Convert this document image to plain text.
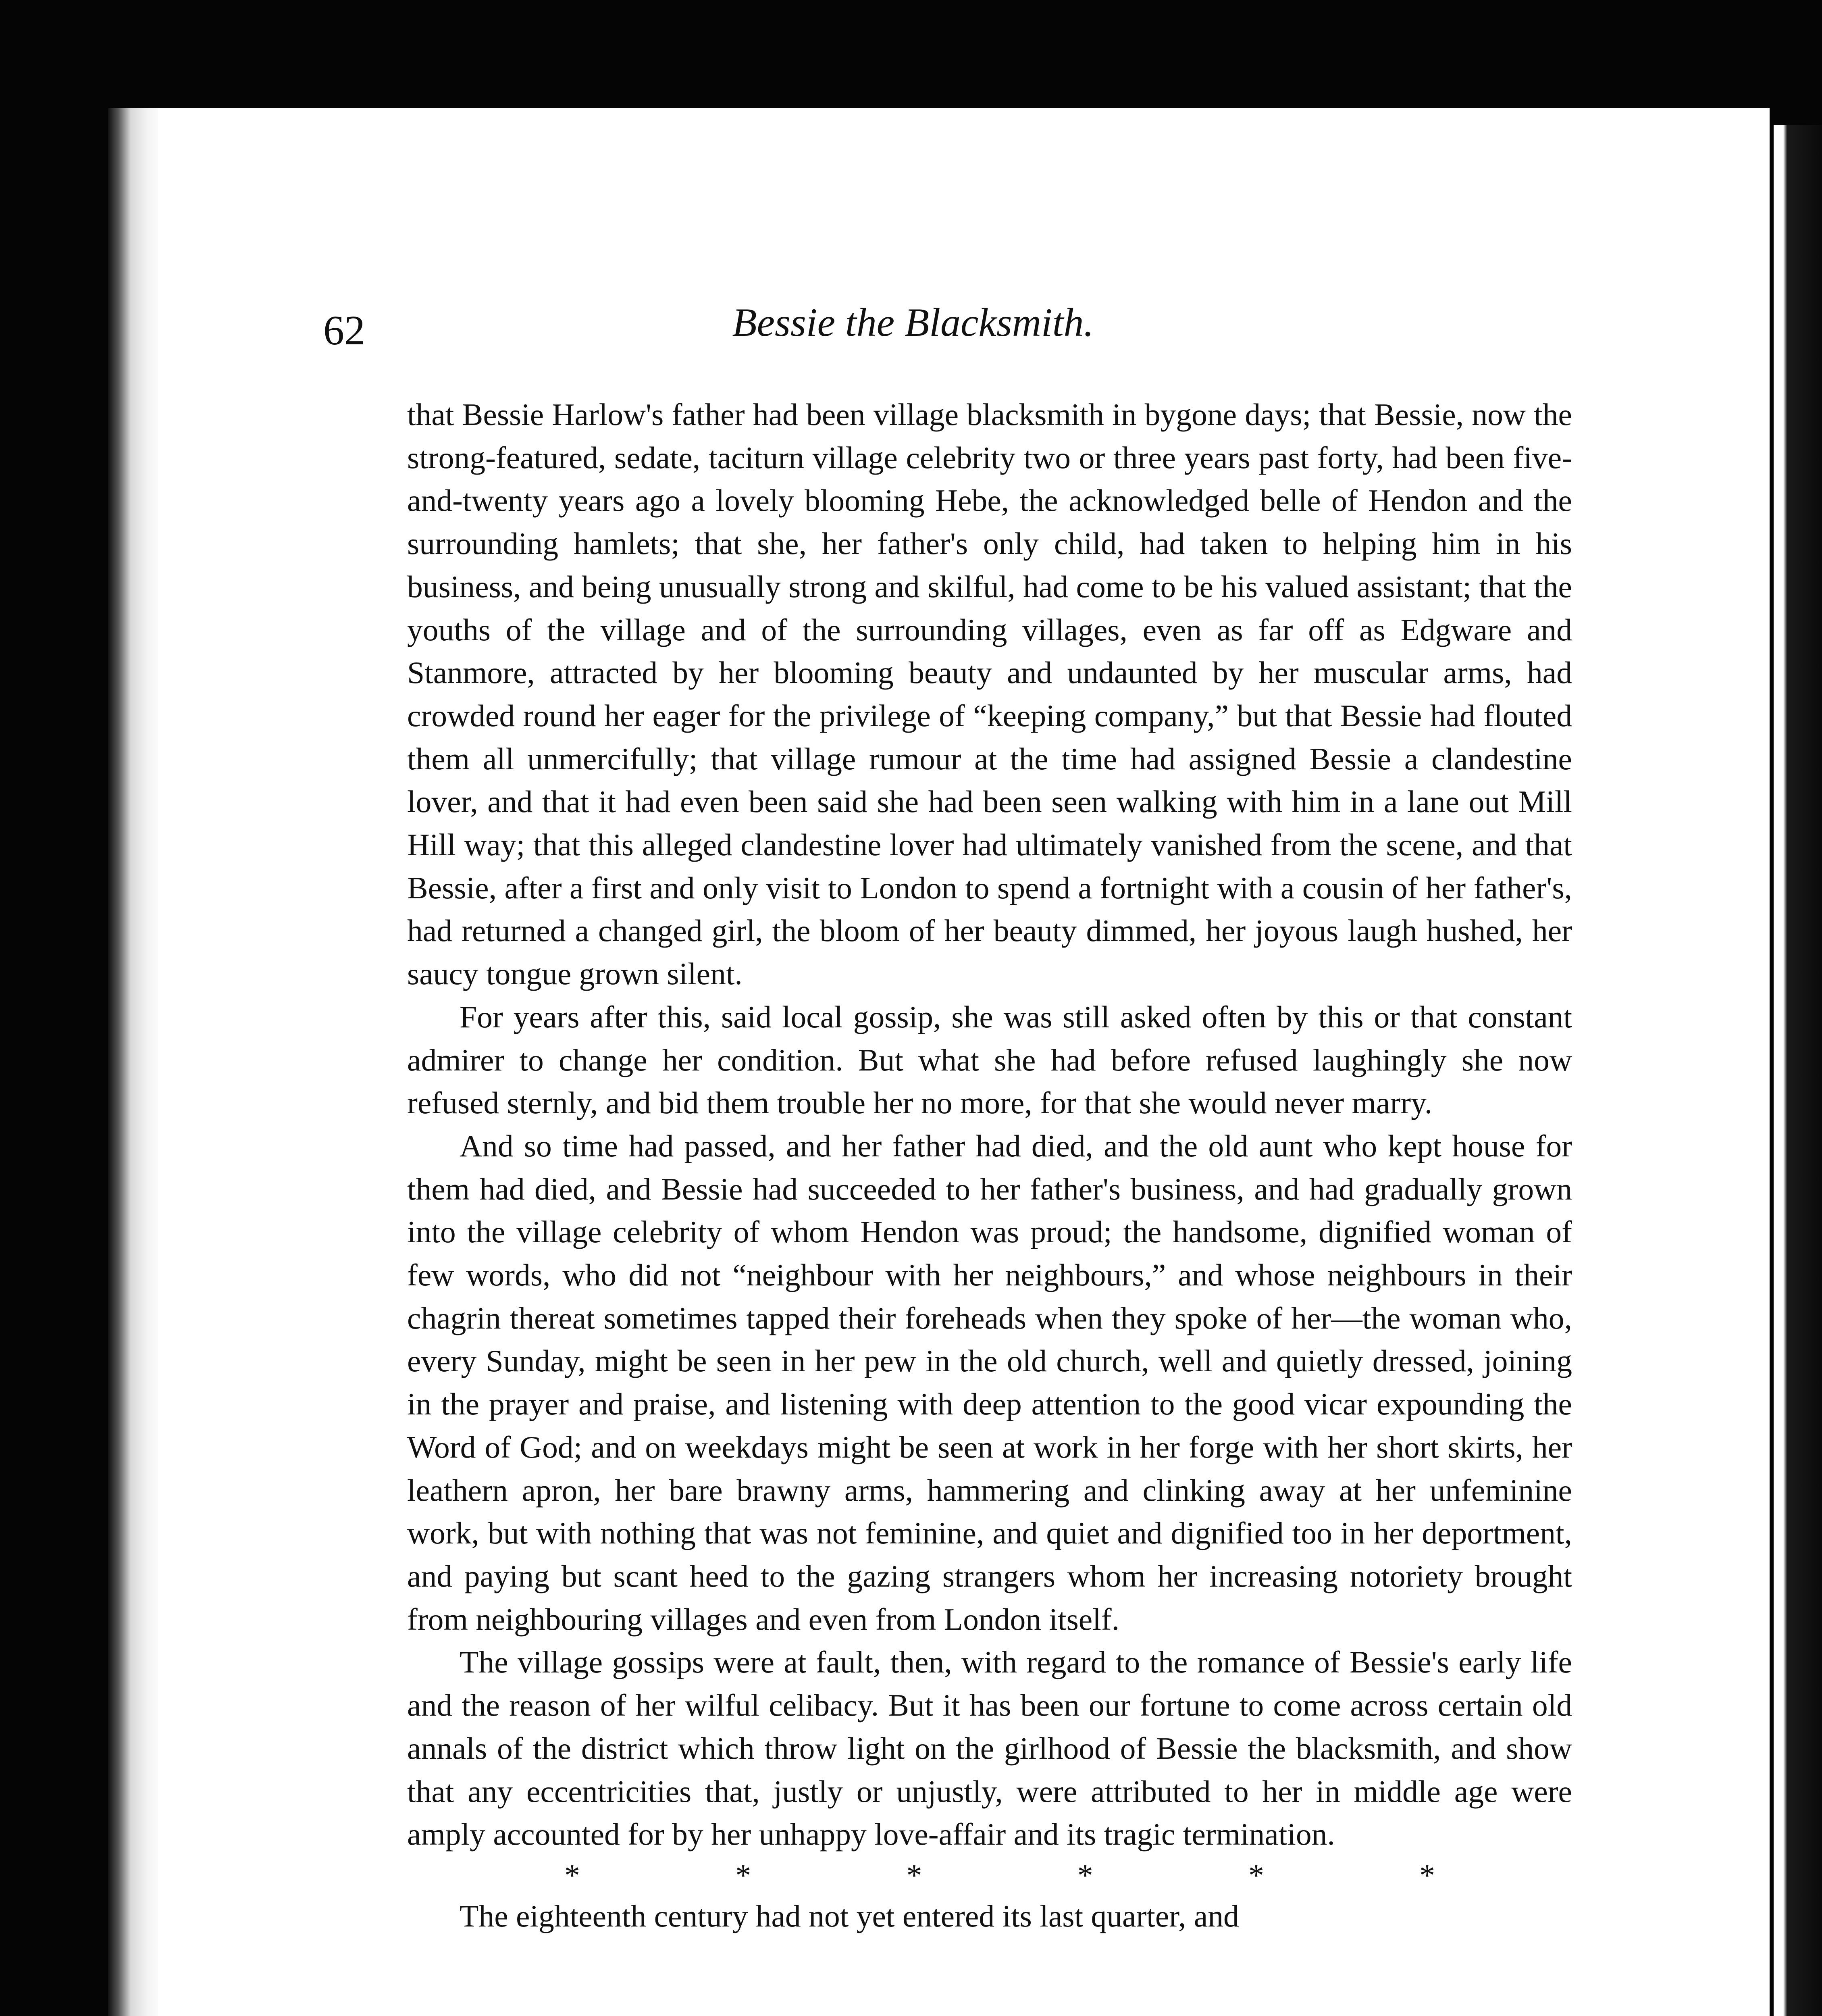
62	Bessie the Blacksmith.

that Bessie Harlow's father had been village blacksmith in bygone days; that Bessie, now the strong-featured, sedate, taciturn village celebrity two or three years past forty, had been five-and-twenty years ago a lovely blooming Hebe, the acknowledged belle of Hendon and the surrounding hamlets; that she, her father's only child, had taken to helping him in his business, and being unusually strong and skilful, had come to be his valued assistant; that the youths of the village and of the surrounding villages, even as far off as Edgware and Stanmore, attracted by her blooming beauty and undaunted by her muscular arms, had crowded round her eager for the privilege of “keeping company,” but that Bessie had flouted them all unmercifully; that village rumour at the time had assigned Bessie a clandestine lover, and that it had even been said she had been seen walking with him in a lane out Mill Hill way; that this alleged clandestine lover had ultimately vanished from the scene, and that Bessie, after a first and only visit to London to spend a fortnight with a cousin of her father's, had returned a changed girl, the bloom of her beauty dimmed, her joyous laugh hushed, her saucy tongue grown silent.

For years after this, said local gossip, she was still asked often by this or that constant admirer to change her condition. But what she had before refused laughingly she now refused sternly, and bid them trouble her no more, for that she would never marry.

And so time had passed, and her father had died, and the old aunt who kept house for them had died, and Bessie had succeeded to her father's business, and had gradually grown into the village celebrity of whom Hendon was proud; the handsome, dignified woman of few words, who did not “neighbour with her neighbours,” and whose neighbours in their chagrin thereat sometimes tapped their foreheads when they spoke of her—the woman who, every Sunday, might be seen in her pew in the old church, well and quietly dressed, joining in the prayer and praise, and listening with deep attention to the good vicar expounding the Word of God; and on weekdays might be seen at work in her forge with her short skirts, her leathern apron, her bare brawny arms, hammering and clinking away at her unfeminine work, but with nothing that was not feminine, and quiet and dignified too in her deportment, and paying but scant heed to the gazing strangers whom her increasing notoriety brought from neighbouring villages and even from London itself.

The village gossips were at fault, then, with regard to the romance of Bessie's early life and the reason of her wilful celibacy. But it has been our fortune to come across certain old annals of the district which throw light on the girlhood of Bessie the blacksmith, and show that any eccentricities that, justly or unjustly, were attributed to her in middle age were amply accounted for by her unhappy love-affair and its tragic termination.

*	*	*	*	*	*

The eighteenth century had not yet entered its last quarter, and
